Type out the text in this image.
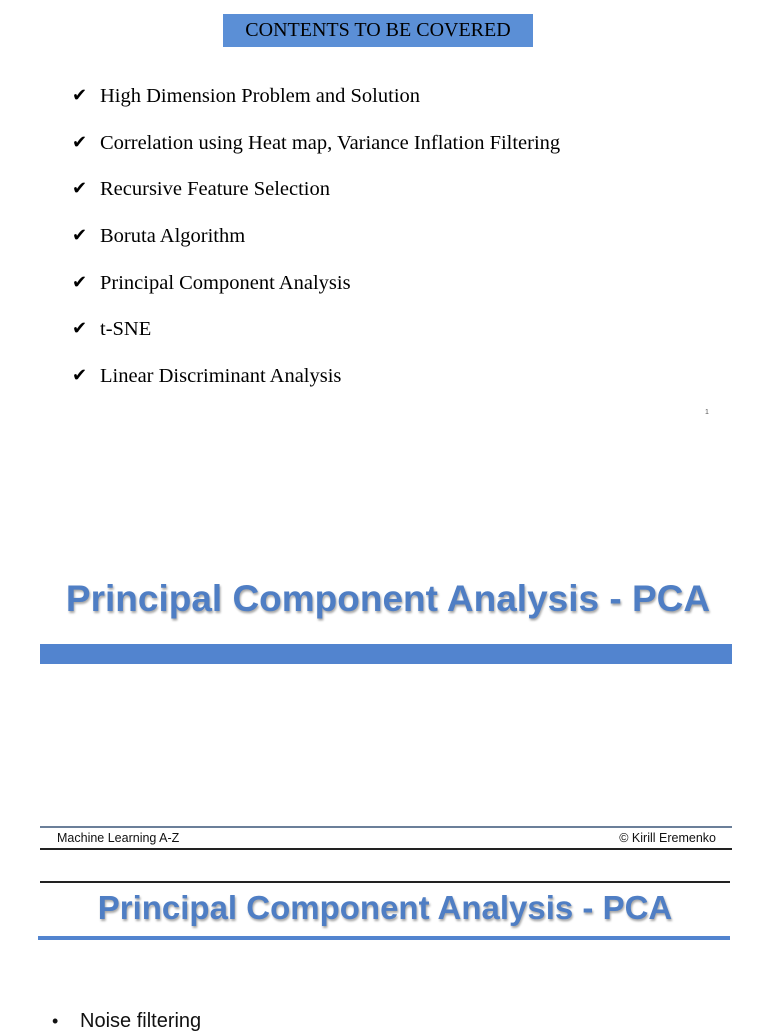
CONTENTS TO BE COVERED
✔ High Dimension Problem and Solution
✔ Correlation using Heat map, Variance Inflation Filtering
✔ Recursive Feature Selection
✔ Boruta Algorithm
✔ Principal Component Analysis
✔ t-SNE
✔ Linear Discriminant Analysis
1
Principal Component Analysis - PCA
Machine Learning A-Z	© Kirill Eremenko
Principal Component Analysis - PCA
•	Noise filtering
